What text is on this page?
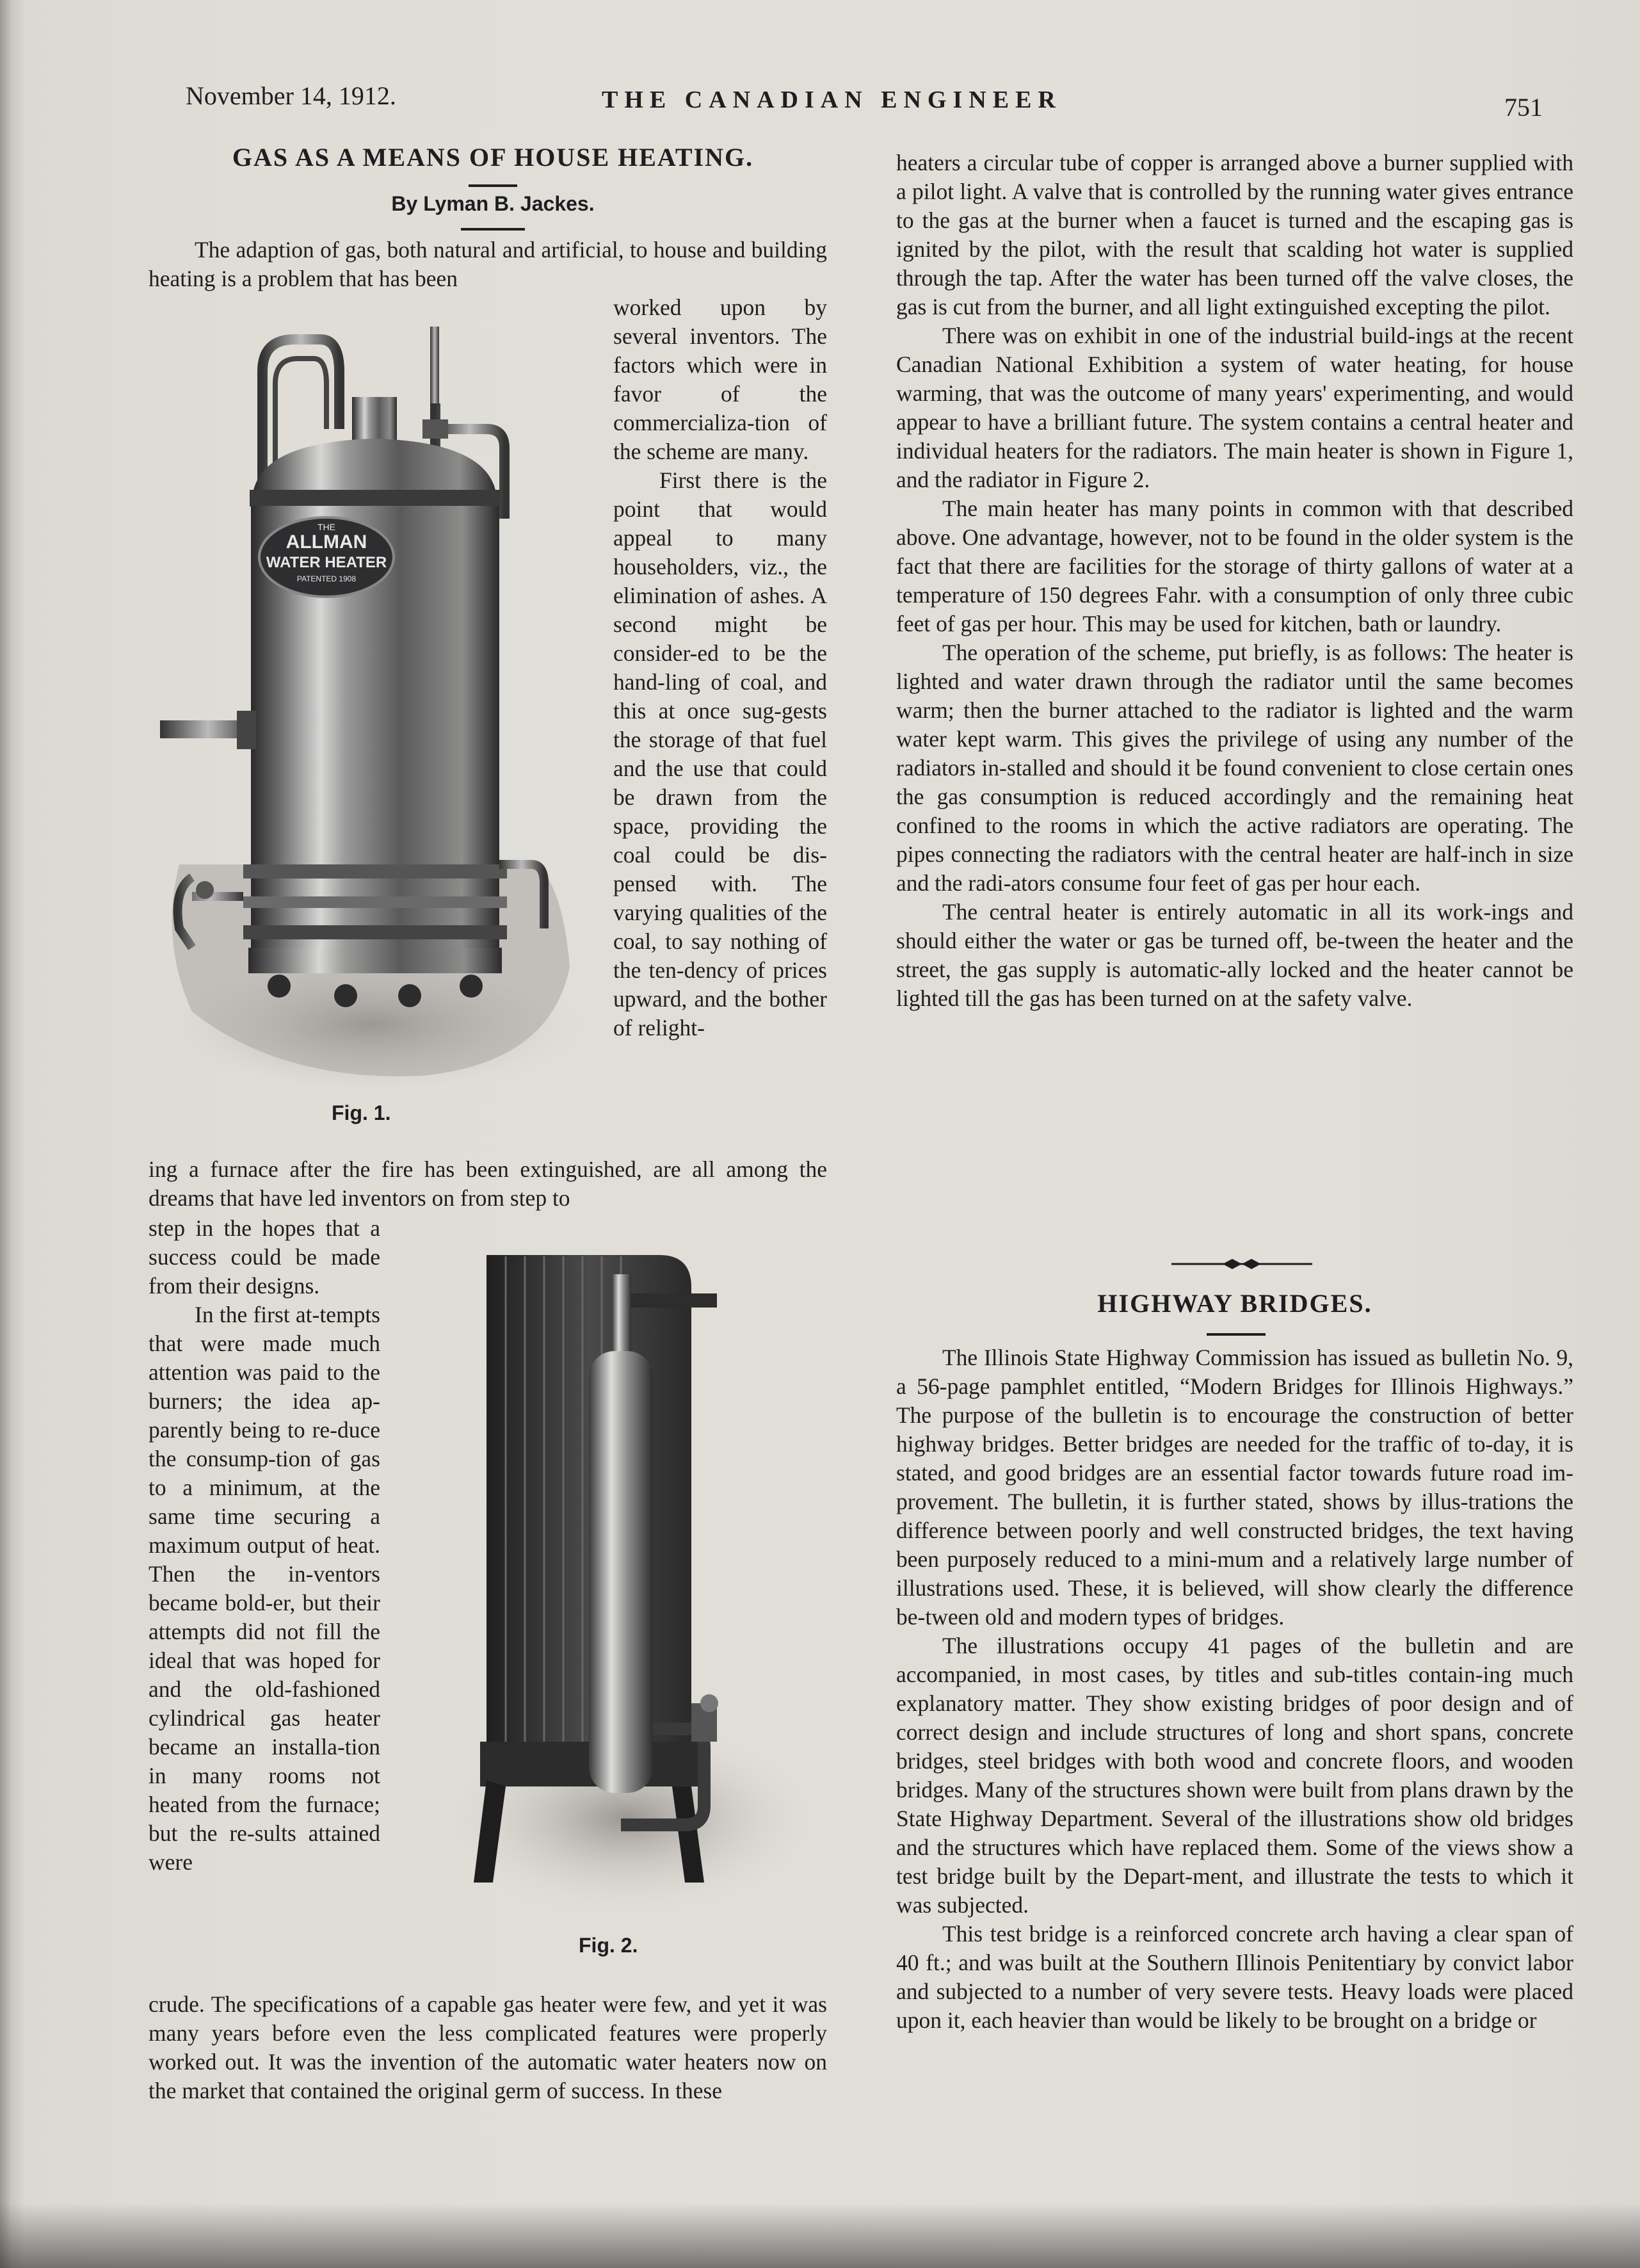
November 14, 1912.	THE CANADIAN ENGINEER	751
GAS AS A MEANS OF HOUSE HEATING.
By Lyman B. Jackes.

The adaption of gas, both natural and artificial, to house and building heating is a problem that has been

THE
ALLMAN
WATER HEATER
PATENTED 1908
Fig. 1.

worked upon by several inventors. The factors which were in favor of the commercializa-tion of the scheme are many.

First there is the point that would appeal to many householders, viz., the elimination of ashes. A second might be consider-ed to be the hand-ling of coal, and this at once sug-gests the storage of that fuel and the use that could be drawn from the space, providing the coal could be dis-pensed with. The varying qualities of the coal, to say nothing of the ten-dency of prices upward, and the bother of relight-

ing a furnace after the fire has been extinguished, are all among the dreams that have led inventors on from step to

step in the hopes that a success could be made from their designs.

In the first at-tempts that were made much attention was paid to the burners; the idea ap-parently being to re-duce the consump-tion of gas to a minimum, at the same time securing a maximum output of heat. Then the in-ventors became bold-er, but their attempts did not fill the ideal that was hoped for and the old-fashioned cylindrical gas heater became an installa-tion in many rooms not heated from the furnace; but the re-sults attained were

Fig. 2.

crude. The specifications of a capable gas heater were few, and yet it was many years before even the less complicated features were properly worked out. It was the invention of the automatic water heaters now on the market that contained the original germ of success. In these

heaters a circular tube of copper is arranged above a burner supplied with a pilot light. A valve that is controlled by the running water gives entrance to the gas at the burner when a faucet is turned and the escaping gas is ignited by the pilot, with the result that scalding hot water is supplied through the tap. After the water has been turned off the valve closes, the gas is cut from the burner, and all light extinguished excepting the pilot.

There was on exhibit in one of the industrial build-ings at the recent Canadian National Exhibition a system of water heating, for house warming, that was the outcome of many years' experimenting, and would appear to have a brilliant future. The system contains a central heater and individual heaters for the radiators. The main heater is shown in Figure 1, and the radiator in Figure 2.

The main heater has many points in common with that described above. One advantage, however, not to be found in the older system is the fact that there are facilities for the storage of thirty gallons of water at a temperature of 150 degrees Fahr. with a consumption of only three cubic feet of gas per hour. This may be used for kitchen, bath or laundry.

The operation of the scheme, put briefly, is as follows: The heater is lighted and water drawn through the radiator until the same becomes warm; then the burner attached to the radiator is lighted and the warm water kept warm. This gives the privilege of using any number of the radiators in-stalled and should it be found convenient to close certain ones the gas consumption is reduced accordingly and the remaining heat confined to the rooms in which the active radiators are operating. The pipes connecting the radiators with the central heater are half-inch in size and the radi-ators consume four feet of gas per hour each.

The central heater is entirely automatic in all its work-ings and should either the water or gas be turned off, be-tween the heater and the street, the gas supply is automatic-ally locked and the heater cannot be lighted till the gas has been turned on at the safety valve.

HIGHWAY BRIDGES.

The Illinois State Highway Commission has issued as bulletin No. 9, a 56-page pamphlet entitled, “Modern Bridges for Illinois Highways.” The purpose of the bulletin is to encourage the construction of better highway bridges. Better bridges are needed for the traffic of to-day, it is stated, and good bridges are an essential factor towards future road im-provement. The bulletin, it is further stated, shows by illus-trations the difference between poorly and well constructed bridges, the text having been purposely reduced to a mini-mum and a relatively large number of illustrations used. These, it is believed, will show clearly the difference be-tween old and modern types of bridges.

The illustrations occupy 41 pages of the bulletin and are accompanied, in most cases, by titles and sub-titles contain-ing much explanatory matter. They show existing bridges of poor design and of correct design and include structures of long and short spans, concrete bridges, steel bridges with both wood and concrete floors, and wooden bridges. Many of the structures shown were built from plans drawn by the State Highway Department. Several of the illustrations show old bridges and the structures which have replaced them. Some of the views show a test bridge built by the Depart-ment, and illustrate the tests to which it was subjected.

This test bridge is a reinforced concrete arch having a clear span of 40 ft.; and was built at the Southern Illinois Penitentiary by convict labor and subjected to a number of very severe tests. Heavy loads were placed upon it, each heavier than would be likely to be brought on a bridge or
